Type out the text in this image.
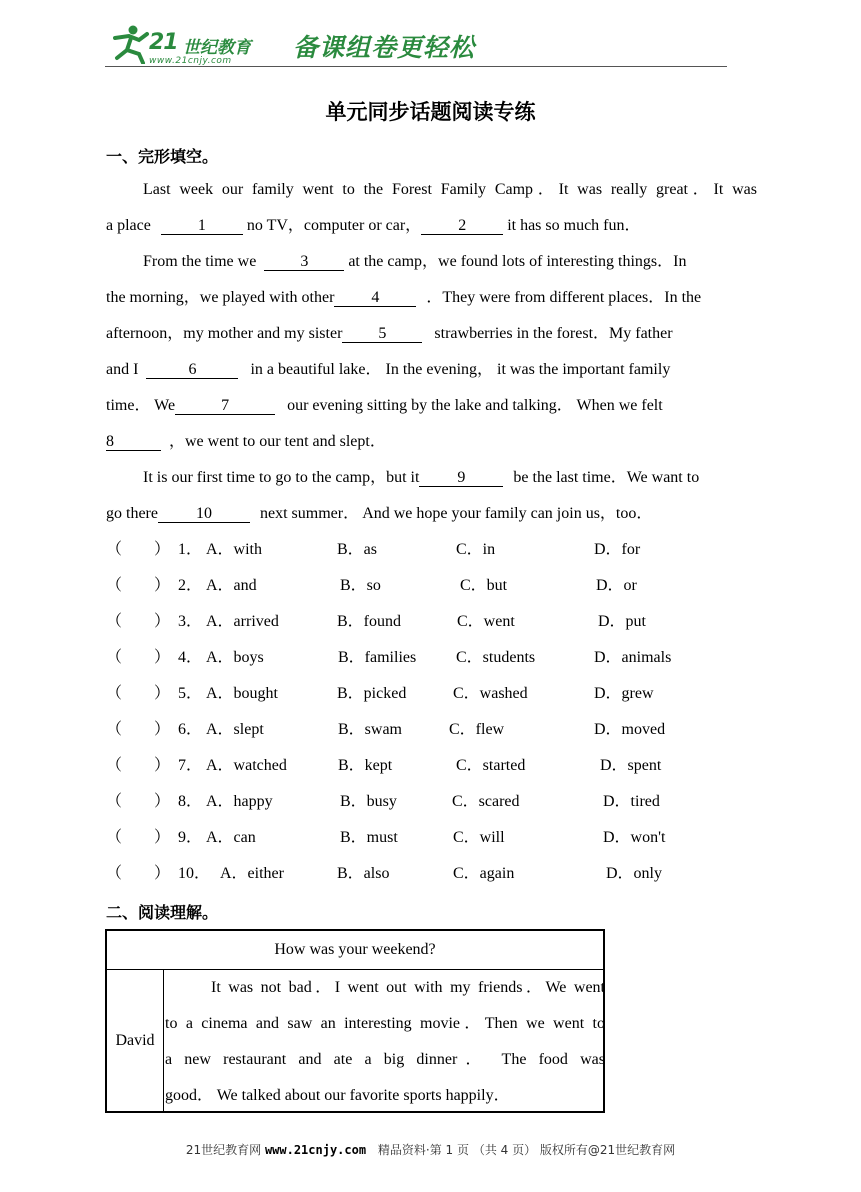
21 世纪教育
www.21cnjy.com 备课组卷更轻松
单元同步话题阅读专练
一、完形填空。
Last week our family went to the Forest Family Camp．It was really great．It was
a place	1 no TV，computer or car， 2 it has so much fun．
From the time we	3 at the camp，we found lots of interesting things．In
the morning，we played with other 4	．They were from different places．In the
afternoon，my mother and my sister 5	strawberries in the forest．My father
and I	6	in a beautiful lake． In the evening， it was the important family
time． We	7	our evening sitting by the lake and talking． When we felt
8	，we went to our tent and slept．
It is our first time to go to the camp，but it 9	be the last time．We want to
go there 10	next summer． And we hope your family can join us，too．
（　　） 1． A．with	B．as	C．in	D．for
（　　） 2． A．and	B．so	C．but	D．or
（　　） 3． A．arrived	B．found	C．went	D．put
（　　） 4． A．boys	B．families C．students	D．animals
（　　） 5． A．bought	B．picked	C．washed	D．grew
（　　） 6． A．slept	B．swam	C．flew	D．moved
（　　） 7． A．watched	B．kept	C．started	D．spent
（　　） 8． A．happy	B．busy	C．scared	D．tired
（　　） 9． A．can	B．must	C．will	D．won't
（　　） 10． A．either	B．also	C．again	D．only
二、阅读理解。
How was your weekend?
David
It was not bad．I went out with my friends．We went
to a cinema and saw an interesting movie．Then we went to
a new restaurant and ate a big dinner． The food was
good． We talked about our favorite sports happily．
21世纪教育网 www.21cnjy.com 精品资料·第 1 页 （共 4 页） 版权所有@21世纪教育网
